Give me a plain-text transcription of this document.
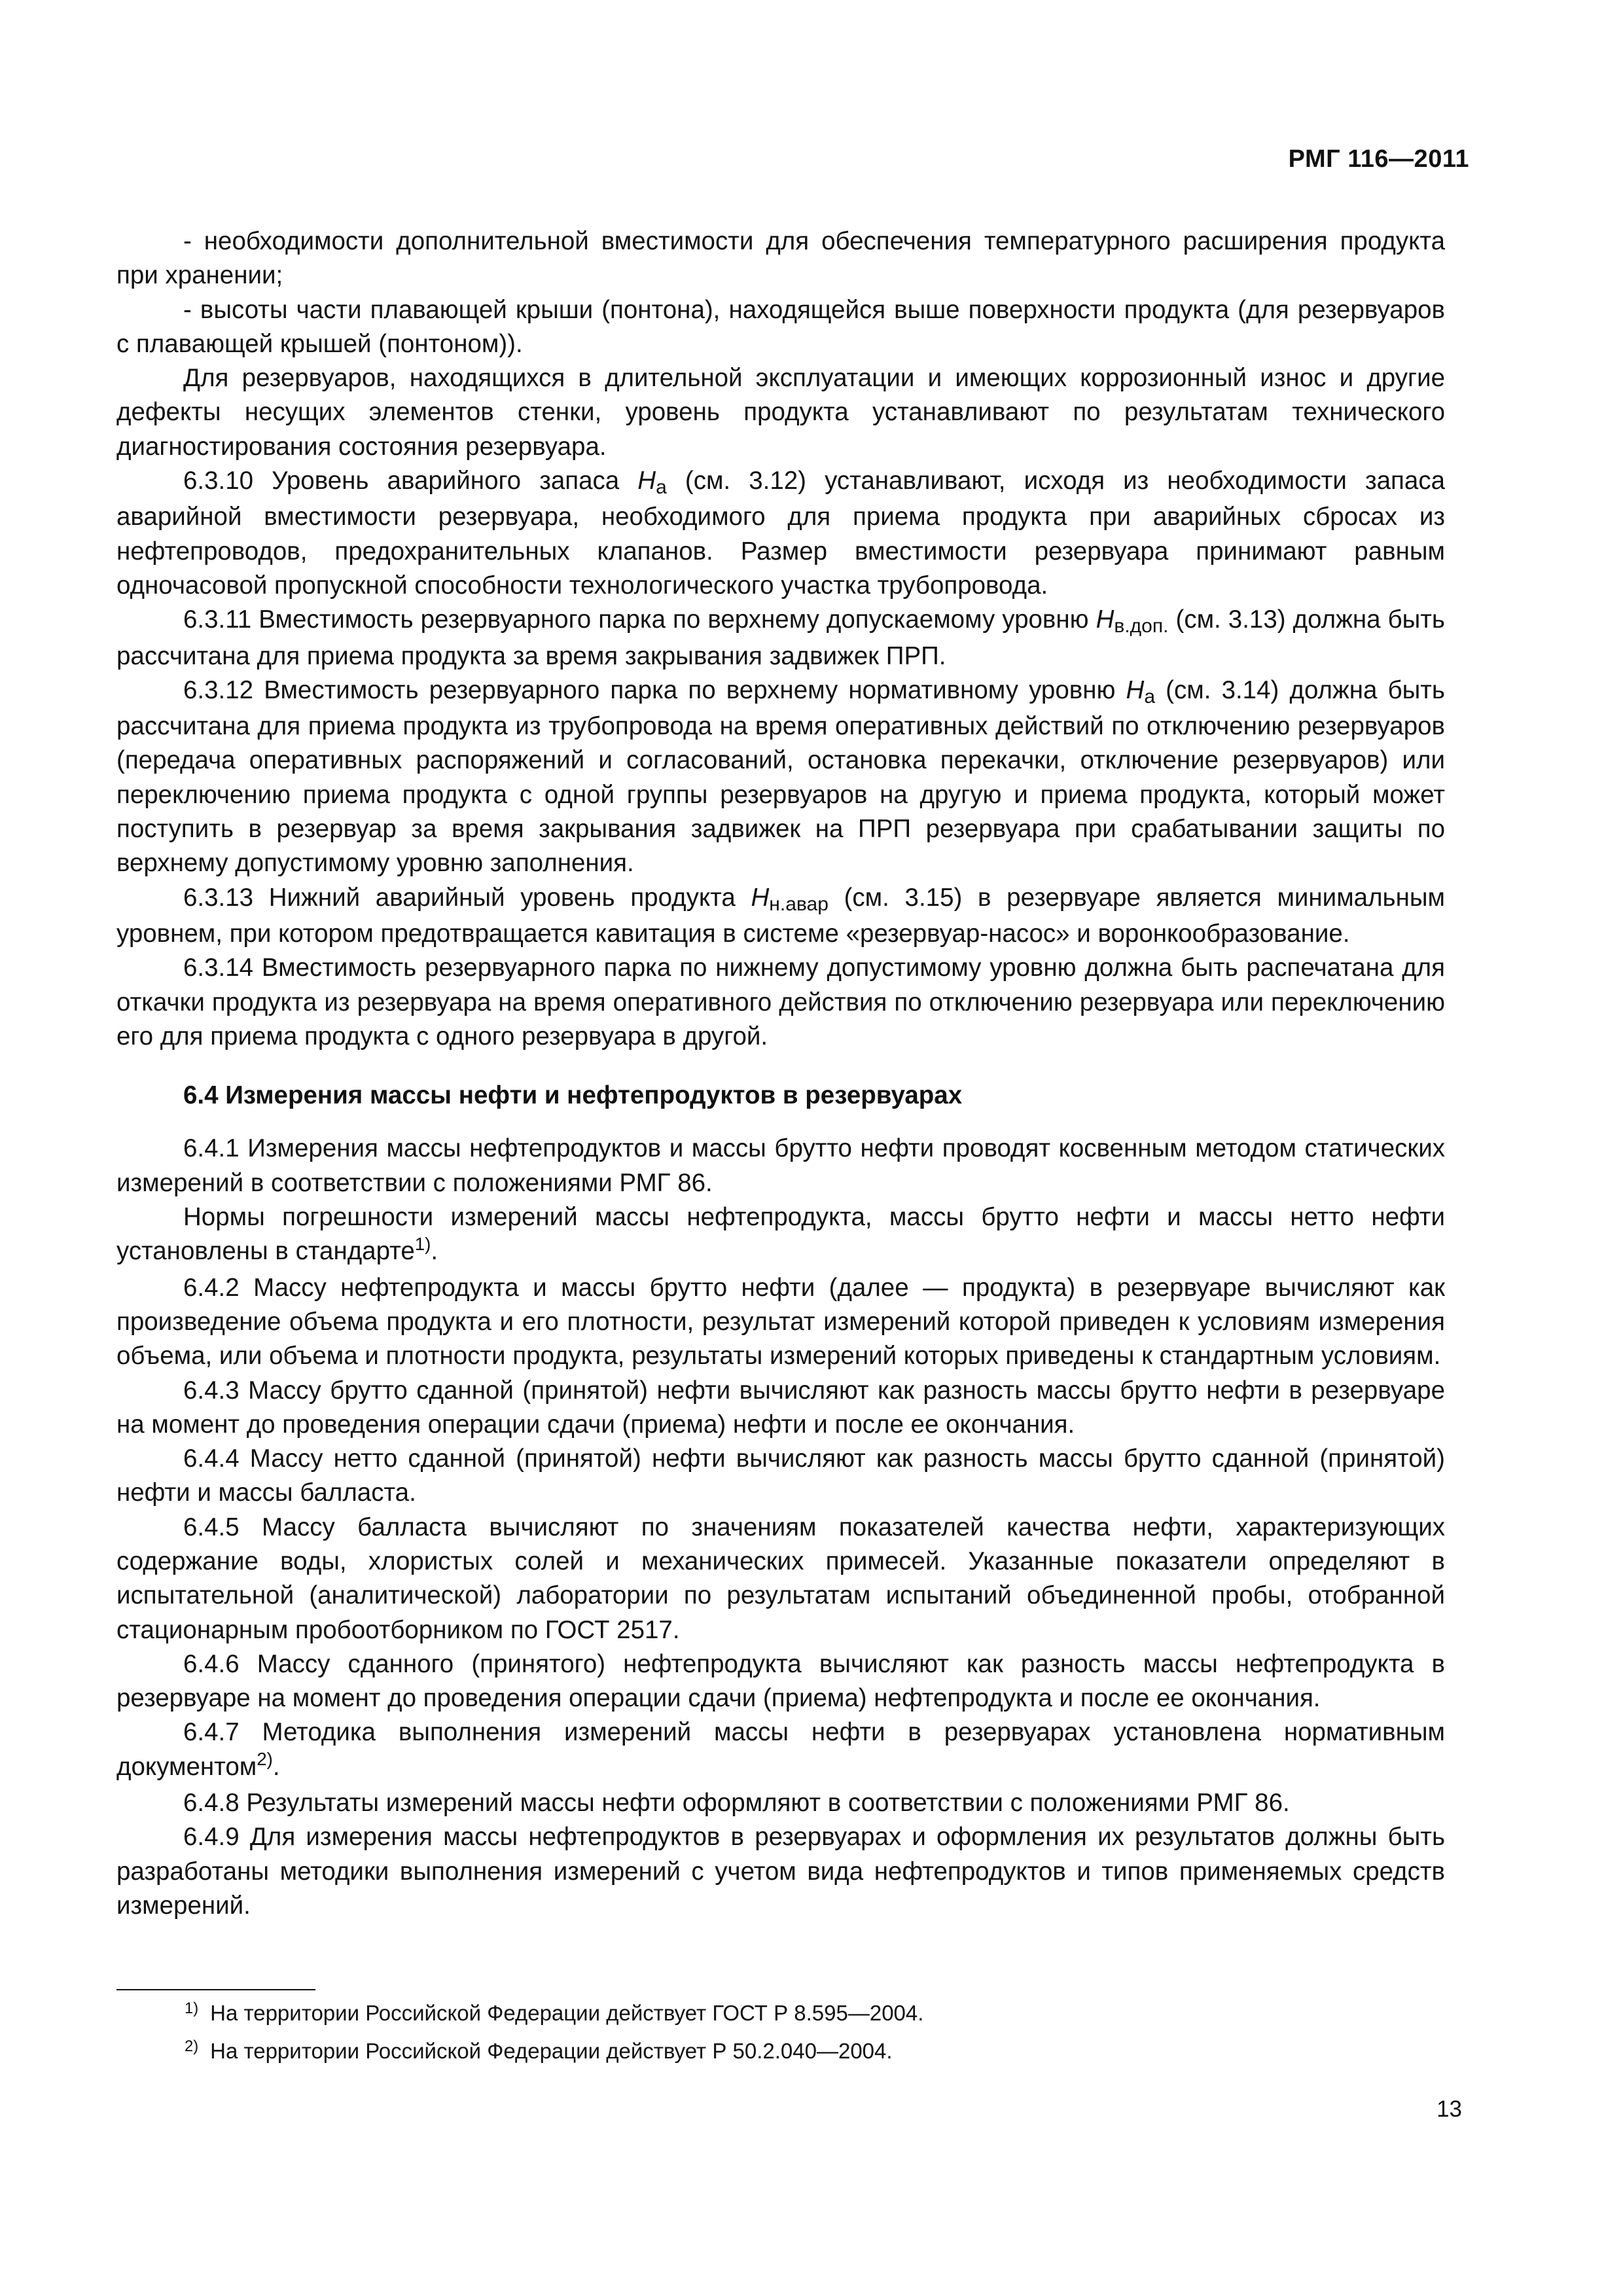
РМГ 116—2011

- необходимости дополнительной вместимости для обеспечения температурного расширения продукта при хранении;

- высоты части плавающей крыши (понтона), находящейся выше поверхности продукта (для резервуаров с плавающей крышей (понтоном)).

Для резервуаров, находящихся в длительной эксплуатации и имеющих коррозионный износ и другие дефекты несущих элементов стенки, уровень продукта устанавливают по результатам технического диагностирования состояния резервуара.

6.3.10 Уровень аварийного запаса Hа (см. 3.12) устанавливают, исходя из необходимости запаса аварийной вместимости резервуара, необходимого для приема продукта при аварийных сбросах из нефтепроводов, предохранительных клапанов. Размер вместимости резервуара принимают равным одночасовой пропускной способности технологического участка трубопровода.

6.3.11 Вместимость резервуарного парка по верхнему допускаемому уровню Hв.доп. (см. 3.13) должна быть рассчитана для приема продукта за время закрывания задвижек ПРП.

6.3.12 Вместимость резервуарного парка по верхнему нормативному уровню Hа (см. 3.14) должна быть рассчитана для приема продукта из трубопровода на время оперативных действий по отключению резервуаров (передача оперативных распоряжений и согласований, остановка перекачки, отключение резервуаров) или переключению приема продукта с одной группы резервуаров на другую и приема продукта, который может поступить в резервуар за время закрывания задвижек на ПРП резервуара при срабатывании защиты по верхнему допустимому уровню заполнения.

6.3.13 Нижний аварийный уровень продукта Hн.авар (см. 3.15) в резервуаре является минимальным уровнем, при котором предотвращается кавитация в системе «резервуар-насос» и воронкообразование.

6.3.14 Вместимость резервуарного парка по нижнему допустимому уровню должна быть распечатана для откачки продукта из резервуара на время оперативного действия по отключению резервуара или переключению его для приема продукта с одного резервуара в другой.

6.4 Измерения массы нефти и нефтепродуктов в резервуарах

6.4.1 Измерения массы нефтепродуктов и массы брутто нефти проводят косвенным методом статических измерений в соответствии с положениями РМГ 86.

Нормы погрешности измерений массы нефтепродукта, массы брутто нефти и массы нетто нефти установлены в стандарте$^{1)}$.

6.4.2 Массу нефтепродукта и массы брутто нефти (далее — продукта) в резервуаре вычисляют как произведение объема продукта и его плотности, результат измерений которой приведен к условиям измерения объема, или объема и плотности продукта, результаты измерений которых приведены к стандартным условиям.

6.4.3 Массу брутто сданной (принятой) нефти вычисляют как разность массы брутто нефти в резервуаре на момент до проведения операции сдачи (приема) нефти и после ее окончания.

6.4.4 Массу нетто сданной (принятой) нефти вычисляют как разность массы брутто сданной (принятой) нефти и массы балласта.

6.4.5 Массу балласта вычисляют по значениям показателей качества нефти, характеризующих содержание воды, хлористых солей и механических примесей. Указанные показатели определяют в испытательной (аналитической) лаборатории по результатам испытаний объединенной пробы, отобранной стационарным пробоотборником по ГОСТ 2517.

6.4.6 Массу сданного (принятого) нефтепродукта вычисляют как разность массы нефтепродукта в резервуаре на момент до проведения операции сдачи (приема) нефтепродукта и после ее окончания.

6.4.7 Методика выполнения измерений массы нефти в резервуарах установлена нормативным документом$^{2)}$.

6.4.8 Результаты измерений массы нефти оформляют в соответствии с положениями РМГ 86.

6.4.9 Для измерения массы нефтепродуктов в резервуарах и оформления их результатов должны быть разработаны методики выполнения измерений с учетом вида нефтепродуктов и типов применяемых средств измерений.

$^{1)}$ На территории Российской Федерации действует ГОСТ Р 8.595—2004.
$^{2)}$ На территории Российской Федерации действует Р 50.2.040—2004.
13
